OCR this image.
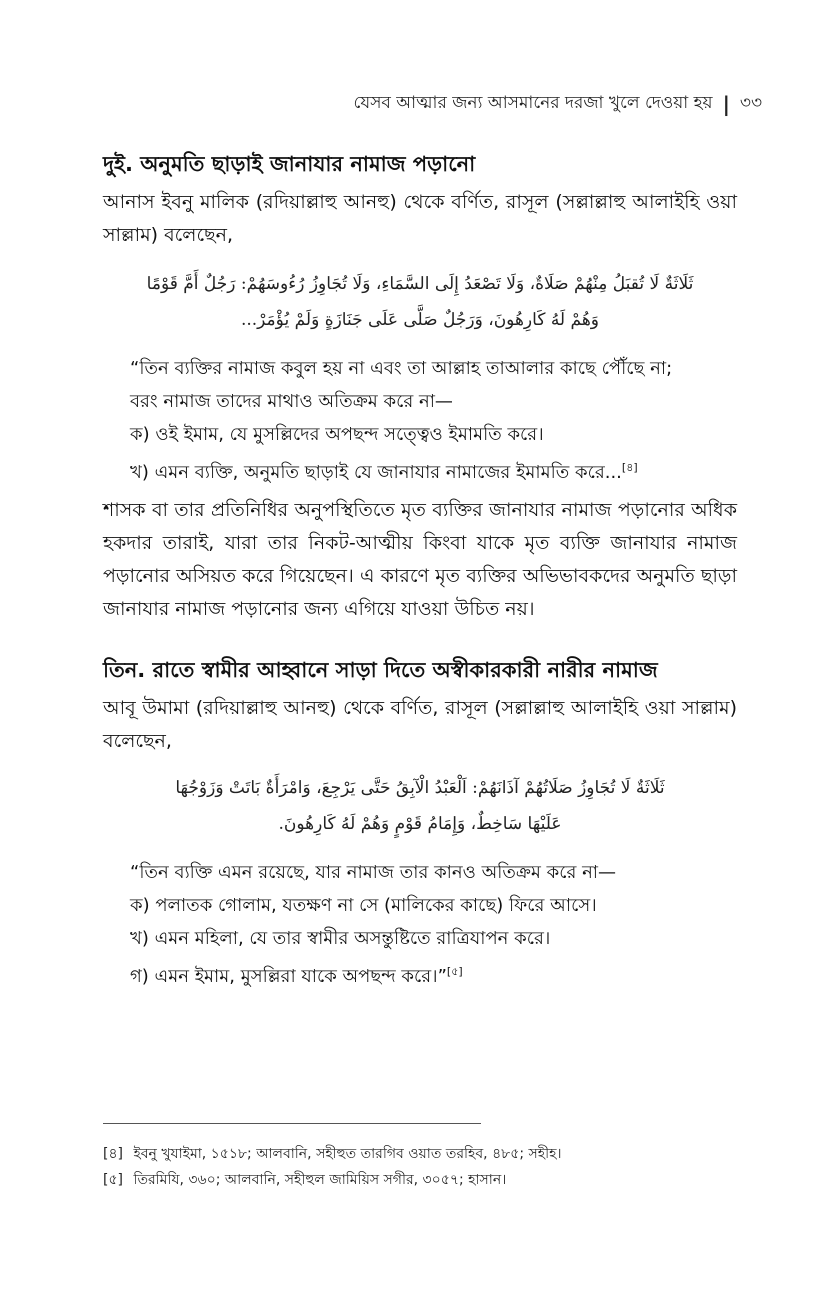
যেসব আত্মার জন্য আসমানের দরজা খুলে দেওয়া হয় | ৩৩
দুই. অনুমতি ছাড়াই জানাযার নামাজ পড়ানো

আনাস ইবনু মালিক (রদিয়াল্লাহু আনহু) থেকে বর্ণিত, রাসূল (সল্লাল্লাহু আলাইহি ওয়া সাল্লাম) বলেছেন,

ثَلَاثَةٌ لَا تُقبَلُ مِنْهُمْ صَلَاةٌ، وَلَا تَصْعَدُ إِلَى السَّمَاءِ، وَلَا تُجَاوِزُ رُءُوسَهُمْ: رَجُلٌ أَمَّ قَوْمًا
وَهُمْ لَهُ كَارِهُونَ، وَرَجُلٌ صَلَّى عَلَى جَنَازَةٍ وَلَمْ يُؤْمَرْ...
“তিন ব্যক্তির নামাজ কবুল হয় না এবং তা আল্লাহ তাআলার কাছে পৌঁছে না;
বরং নামাজ তাদের মাথাও অতিক্রম করে না—
ক) ওই ইমাম, যে মুসল্লিদের অপছন্দ সত্ত্বেও ইমামতি করে।
খ) এমন ব্যক্তি, অনুমতি ছাড়াই যে জানাযার নামাজের ইমামতি করে...[৪]

শাসক বা তার প্রতিনিধির অনুপস্থিতিতে মৃত ব্যক্তির জানাযার নামাজ পড়ানোর অধিক হকদার তারাই, যারা তার নিকট-আত্মীয় কিংবা যাকে মৃত ব্যক্তি জানাযার নামাজ পড়ানোর অসিয়ত করে গিয়েছেন। এ কারণে মৃত ব্যক্তির অভিভাবকদের অনুমতি ছাড়া জানাযার নামাজ পড়ানোর জন্য এগিয়ে যাওয়া উচিত নয়।

তিন. রাতে স্বামীর আহ্বানে সাড়া দিতে অস্বীকারকারী নারীর নামাজ

আবূ উমামা (রদিয়াল্লাহু আনহু) থেকে বর্ণিত, রাসূল (সল্লাল্লাহু আলাইহি ওয়া সাল্লাম) বলেছেন,

ثَلَاثَةٌ لَا تُجَاوِزُ صَلَاتُهُمْ آذَانَهُمْ: اَلْعَبْدُ الْآبِقُ حَتَّى يَرْجِعَ، وَامْرَأَةٌ بَاتَتْ وَزَوْجُهَا
عَلَيْهَا سَاخِطٌ، وَإِمَامُ قَوْمٍ وَهُمْ لَهُ كَارِهُونَ.
“তিন ব্যক্তি এমন রয়েছে, যার নামাজ তার কানও অতিক্রম করে না—
ক) পলাতক গোলাম, যতক্ষণ না সে (মালিকের কাছে) ফিরে আসে।
খ) এমন মহিলা, যে তার স্বামীর অসন্তুষ্টিতে রাত্রিযাপন করে।
গ) এমন ইমাম, মুসল্লিরা যাকে অপছন্দ করে।”[৫]
[৪] ইবনু খুযাইমা, ১৫১৮; আলবানি, সহীহুত তারগিব ওয়াত তরহিব, ৪৮৫; সহীহ।
[৫] তিরমিযি, ৩৬০; আলবানি, সহীহুল জামিয়িস সগীর, ৩০৫৭; হাসান।
